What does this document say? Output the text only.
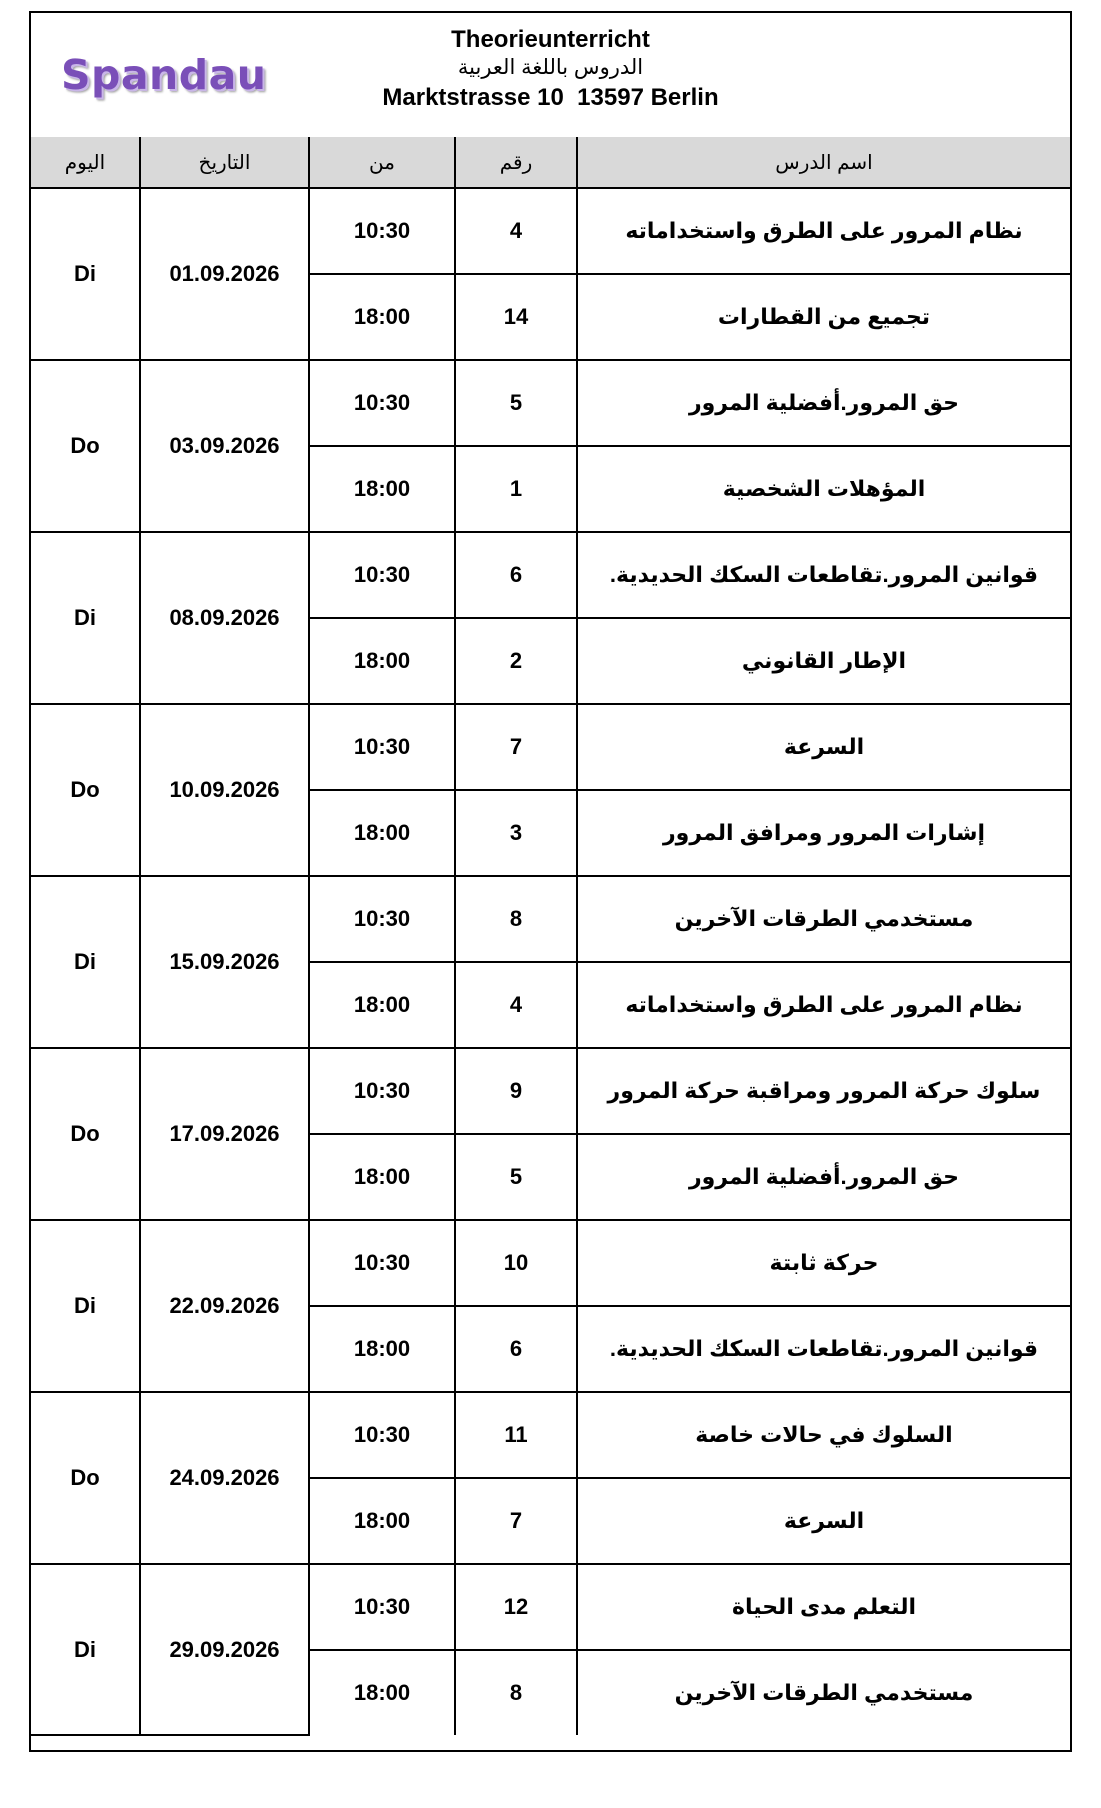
Spandau
Theorieunterricht
الدروس باللغة العربية
Marktstrasse 10  13597 Berlin
اليوم	التاريخ	من	رقم	اسم الدرس
Di	01.09.2026	10:30	4	نظام المرور على الطرق واستخداماته
		18:00	14	تجميع من القطارات
Do	03.09.2026	10:30	5	حق المرور.أفضلية المرور
		18:00	1	المؤهلات الشخصية
Di	08.09.2026	10:30	6	قوانين المرور.تقاطعات السكك الحديدية.
		18:00	2	الإطار القانوني
Do	10.09.2026	10:30	7	السرعة
		18:00	3	إشارات المرور ومرافق المرور
Di	15.09.2026	10:30	8	مستخدمي الطرقات الآخرين
		18:00	4	نظام المرور على الطرق واستخداماته
Do	17.09.2026	10:30	9	سلوك حركة المرور ومراقبة حركة المرور
		18:00	5	حق المرور.أفضلية المرور
Di	22.09.2026	10:30	10	حركة ثابتة
		18:00	6	قوانين المرور.تقاطعات السكك الحديدية.
Do	24.09.2026	10:30	11	السلوك في حالات خاصة
		18:00	7	السرعة
Di	29.09.2026	10:30	12	التعلم مدى الحياة
		18:00	8	مستخدمي الطرقات الآخرين
